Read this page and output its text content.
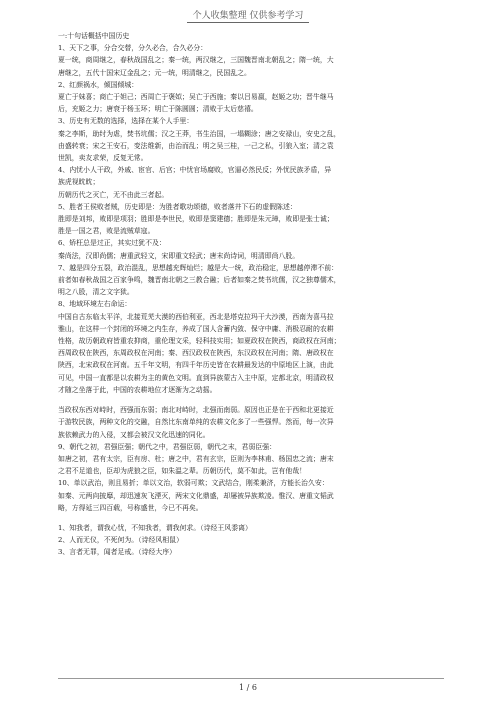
个人收集整理 仅供参考学习
一:十句话概括中国历史
1、天下之事，分合交替，分久必合，合久必分：
夏一统，商周继之，春秋战国乱之；秦一统，两汉继之，三国魏晋南北朝乱之；隋一统，大
唐继之，五代十国宋辽金乱之；元一统，明清继之，民国乱之。
2、红颜祸水，倾国倾城：
夏亡于妹喜；商亡于妲己；西周亡于褒姒；吴亡于西施；秦以吕易嬴，赵姬之功；晋牛继马
后，充姬之力；唐衰于杨玉环；明亡于陈圆圆；清败于太后慈禧。
3、历史有无数的选择，选择在某个人手里：
秦之李斯，助纣为虐，焚书坑儒；汉之王莽，书生治国，一塌糊涂；唐之安禄山，安史之乱，
由盛转衰；宋之王安石，变法维新，由治而乱；明之吴三桂，一己之私，引狼入室；清之袁
世凯，卖友求荣，反复无常。
4、内忧小人干政，外戚、宦官、后宫；中忧官场腐败，官逼必然民反；外忧民族矛盾，异
族虎视眈眈；
历朝历代之灭亡，无不由此三者起。
5、胜者王侯败者贼，历史即是：为胜者歌功颂德，败者落井下石的虚假陈述：
胜即是刘邦，败即是项羽；胜即是李世民，败即是窦建德；胜即是朱元璋，败即是张士诚；
胜是一国之君，败是流贼草寇。
6、矫枉总是过正，其实过犹不及：
秦尚法，汉即尚儒；唐重武轻文，宋即重文轻武；唐末尚诗词，明清即尚八股。
7、越是四分五裂，政治混乱，思想越充辉灿烂；越是大一统，政治稳定，思想越停滞不前：
前者如春秋战国之百家争鸣，魏晋南北朝之三教合融；后者如秦之焚书坑儒，汉之独尊儒术，
明之八股，清之文字狱。
8、地域环境左右命运：
中国自古东临太平洋，北接荒芜大漠的西伯利亚，西北是塔克拉玛干大沙漠，西南为喜马拉
雅山，在这样一个封闭的环境之内生存，养成了国人含蓄内敛、保守中庸、消极忍耐的农耕
性格，故历朝政府皆重农抑商，重伦理文采，轻科技实用；如夏政权在陕西，商政权在河南；
西周政权在陕西，东周政权在河南；秦、西汉政权在陕西，东汉政权在河南；隋、唐政权在
陕西，北宋政权在河南。五千年文明，有四千年历史皆在农耕最发达的中原地区上演，由此
可见，中国一直都是以农耕为主的黄色文明。直到异族蒙古入主中原，定都北京，明清政权
才随之坐落于此，中国的农耕地位才逐渐为之动摇。
当政权东西对峙时，西强而东弱；南北对峙时，北强而南弱。原因也正是在于西和北更接近
于游牧民族，两种文化的交融，自然比东南单纯的农耕文化多了一些强悍。然而，每一次异
族依赖武力的入侵，又都会被汉文化迅速的同化。
9、朝代之初，君强臣强；朝代之中，君强臣弱，朝代之末，君弱臣强：
如唐之初，君有太宗，臣有房、杜；唐之中，君有玄宗，臣则为李林甫、杨国忠之流；唐末
之君不足道也，臣却为虎狼之臣，如朱温之辈。历朝历代，莫不如此，岂有他哉！
10、单以武治，则且易折；单以文治，软弱可欺；文武结合，刚柔兼济，方能长治久安：
如秦、元两向披靡，却迅速灰飞湮灭，两宋文化鼎盛，却屡被异族欺凌。惟汉、唐重文韬武
略，方得延三四百载，号称盛世，今已不再矣。
1、知我者，谓我心忧，不知我者，谓我何求。（诗经王风黍离）
2、人而无仪，不死何为。（诗经风相鼠）
3、言者无罪，闻者足戒。（诗经大序）
1 / 6
